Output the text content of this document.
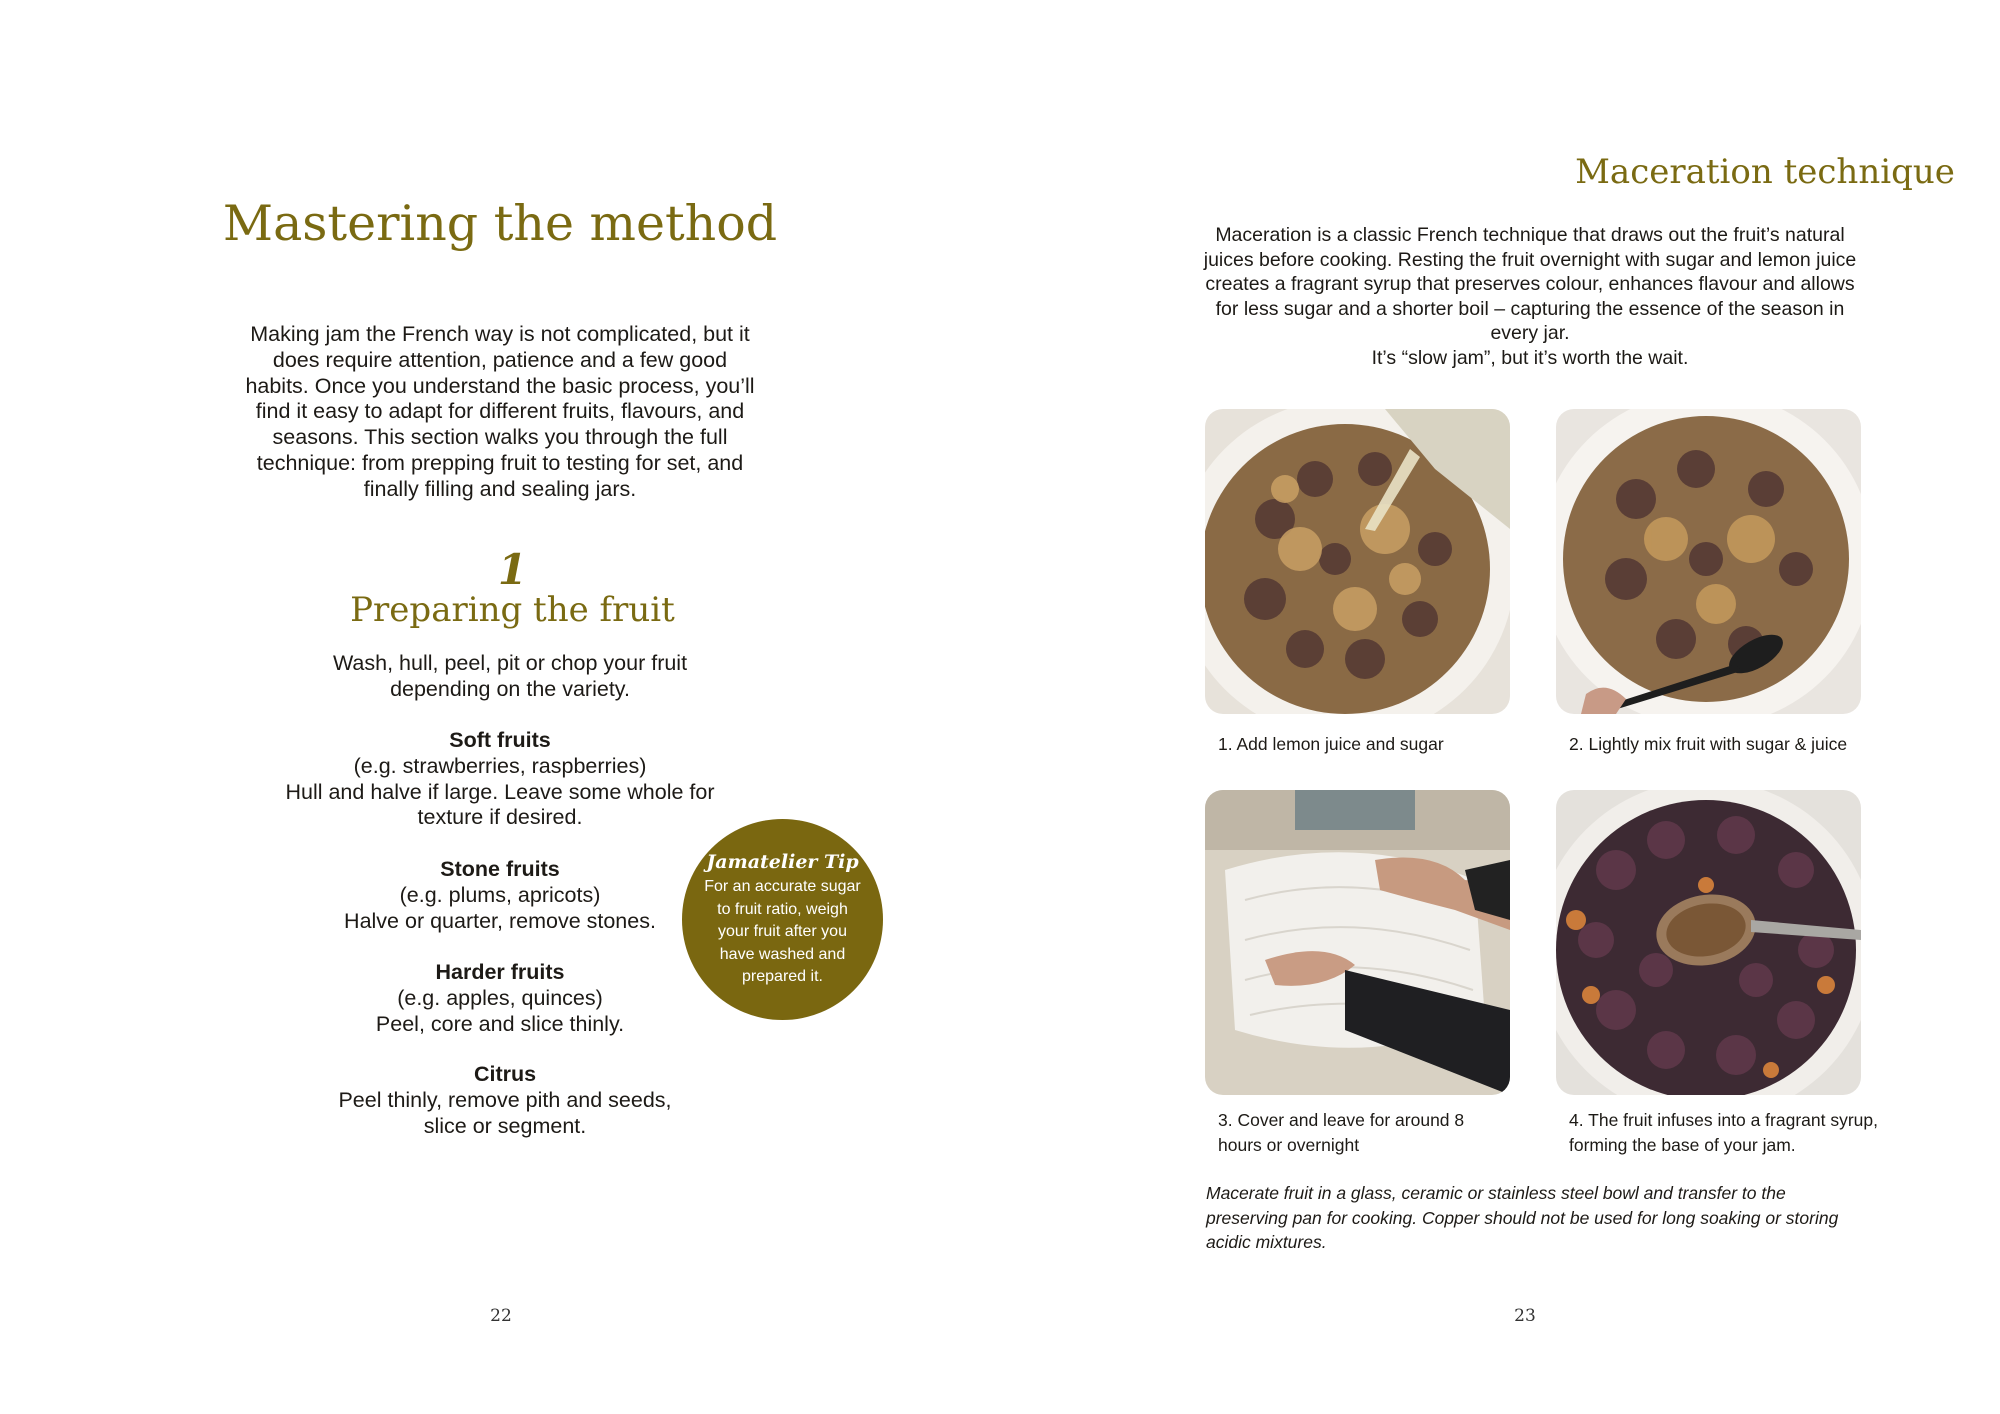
Mastering the method

Making jam the French way is not complicated, but it does require attention, patience and a few good habits. Once you understand the basic process, you’ll find it easy to adapt for different fruits, flavours, and seasons. This section walks you through the full technique: from prepping fruit to testing for set, and finally filling and sealing jars.

1
Preparing the fruit
Wash, hull, peel, pit or chop your fruit depending on the variety.
Soft fruits
(e.g. strawberries, raspberries)

Hull and halve if large. Leave some whole for texture if desired.
Stone fruits
(e.g. plums, apricots)
Halve or quarter, remove stones.
Harder fruits
(e.g. apples, quinces)
Peel, core and slice thinly.
Citrus
Peel thinly, remove pith and seeds, slice or segment.
Jamatelier Tip
For an accurate sugar to fruit ratio, weigh your fruit after you have washed and prepared it.
22
Maceration technique

Maceration is a classic French technique that draws out the fruit’s natural juices before cooking. Resting the fruit overnight with sugar and lemon juice creates a fragrant syrup that preserves colour, enhances flavour and allows for less sugar and a shorter boil – capturing the essence of the season in every jar.
It’s “slow jam”, but it’s worth the wait.

1. Add lemon juice and sugar	2. Lightly mix fruit with sugar & juice
3. Cover and leave for around 8 hours or overnight
4. The fruit infuses into a fragrant syrup, forming the base of your jam.

Macerate fruit in a glass, ceramic or stainless steel bowl and transfer to the preserving pan for cooking. Copper should not be used for long soaking or storing acidic mixtures.

23
